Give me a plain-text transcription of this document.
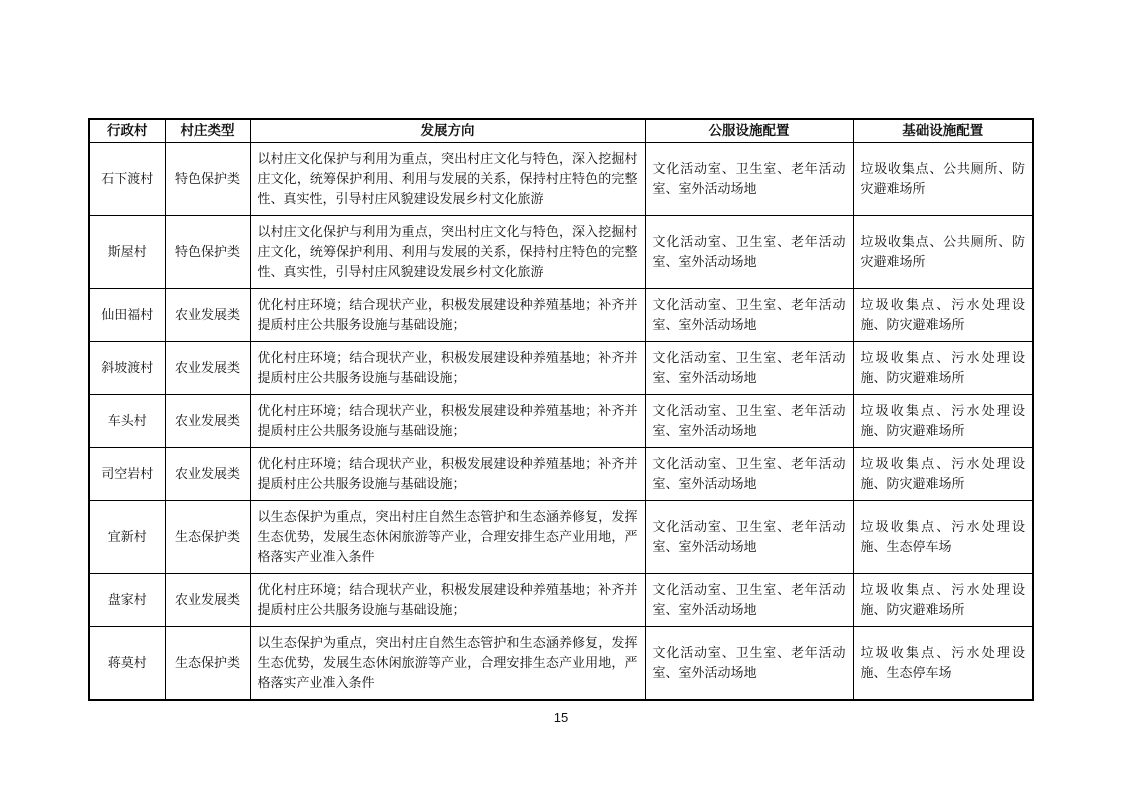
行政村	村庄类型	发展方向	公服设施配置	基础设施配置
石下渡村	特色保护类	以村庄文化保护与利用为重点，突出村庄文化与特色，深入挖掘村庄文化，统筹保护利用、利用与发展的关系，保持村庄特色的完整性、真实性，引导村庄风貌建设发展乡村文化旅游	文化活动室、卫生室、老年活动室、室外活动场地	垃圾收集点、公共厕所、防灾避难场所
斯屋村	特色保护类	以村庄文化保护与利用为重点，突出村庄文化与特色，深入挖掘村庄文化，统筹保护利用、利用与发展的关系，保持村庄特色的完整性、真实性，引导村庄风貌建设发展乡村文化旅游	文化活动室、卫生室、老年活动室、室外活动场地	垃圾收集点、公共厕所、防灾避难场所
仙田福村	农业发展类	优化村庄环境；结合现状产业，积极发展建设种养殖基地；补齐并提质村庄公共服务设施与基础设施；	文化活动室、卫生室、老年活动室、室外活动场地	垃圾收集点、污水处理设施、防灾避难场所
斜坡渡村	农业发展类	优化村庄环境；结合现状产业，积极发展建设种养殖基地；补齐并提质村庄公共服务设施与基础设施；	文化活动室、卫生室、老年活动室、室外活动场地	垃圾收集点、污水处理设施、防灾避难场所
车头村	农业发展类	优化村庄环境；结合现状产业，积极发展建设种养殖基地；补齐并提质村庄公共服务设施与基础设施；	文化活动室、卫生室、老年活动室、室外活动场地	垃圾收集点、污水处理设施、防灾避难场所
司空岩村	农业发展类	优化村庄环境；结合现状产业，积极发展建设种养殖基地；补齐并提质村庄公共服务设施与基础设施；	文化活动室、卫生室、老年活动室、室外活动场地	垃圾收集点、污水处理设施、防灾避难场所
宜新村	生态保护类	以生态保护为重点，突出村庄自然生态管护和生态涵养修复，发挥生态优势，发展生态休闲旅游等产业，合理安排生态产业用地，严格落实产业准入条件	文化活动室、卫生室、老年活动室、室外活动场地	垃圾收集点、污水处理设施、生态停车场
盘家村	农业发展类	优化村庄环境；结合现状产业，积极发展建设种养殖基地；补齐并提质村庄公共服务设施与基础设施；	文化活动室、卫生室、老年活动室、室外活动场地	垃圾收集点、污水处理设施、防灾避难场所
蒋莫村	生态保护类	以生态保护为重点，突出村庄自然生态管护和生态涵养修复，发挥生态优势，发展生态休闲旅游等产业，合理安排生态产业用地，严格落实产业准入条件	文化活动室、卫生室、老年活动室、室外活动场地	垃圾收集点、污水处理设施、生态停车场
15
